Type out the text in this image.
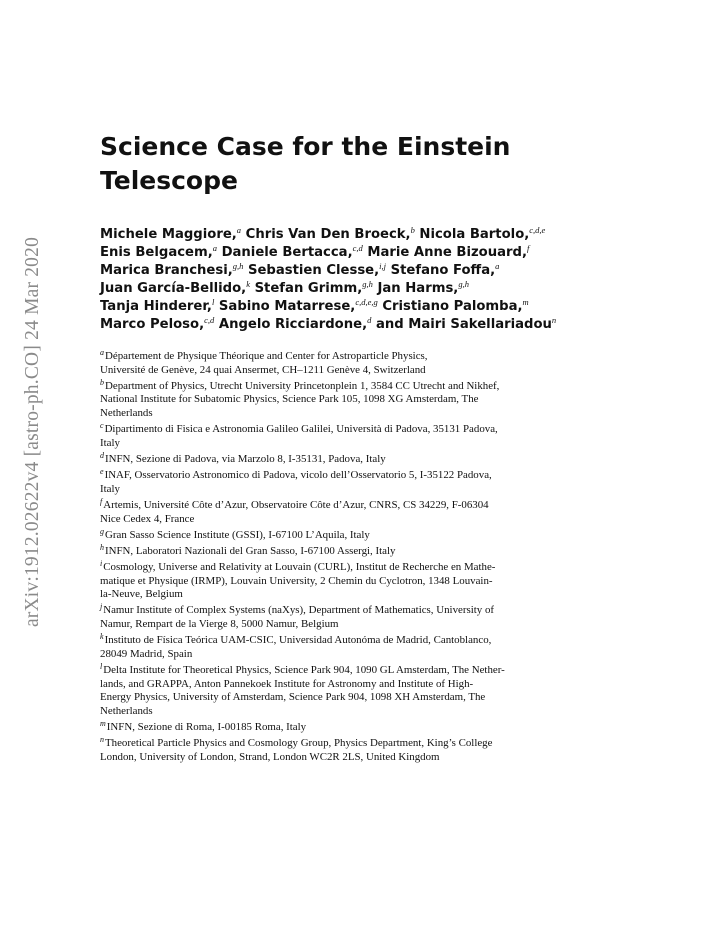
arXiv:1912.02622v4 [astro-ph.CO] 24 Mar 2020
Science Case for the Einstein Telescope
Michele Maggiore,$^a$ Chris Van Den Broeck,$^b$ Nicola Bartolo,$^{c,d,e}$
Enis Belgacem,$^a$ Daniele Bertacca,$^{c,d}$ Marie Anne Bizouard,$^f$
Marica Branchesi,$^{g,h}$ Sebastien Clesse,$^{i,j}$ Stefano Foffa,$^a$
Juan García-Bellido,$^k$ Stefan Grimm,$^{g,h}$ Jan Harms,$^{g,h}$
Tanja Hinderer,$^l$ Sabino Matarrese,$^{c,d,e,g}$ Cristiano Palomba,$^m$
Marco Peloso,$^{c,d}$ Angelo Ricciardone,$^d$ and Mairi Sakellariadou$^n$
$^a$Département de Physique Théorique and Center for Astroparticle Physics,
Université de Genève, 24 quai Ansermet, CH–1211 Genève 4, Switzerland
$^b$Department of Physics, Utrecht University Princetonplein 1, 3584 CC Utrecht and Nikhef,
National Institute for Subatomic Physics, Science Park 105, 1098 XG Amsterdam, The
Netherlands
$^c$Dipartimento di Fisica e Astronomia Galileo Galilei, Università di Padova, 35131 Padova,
Italy
$^d$INFN, Sezione di Padova, via Marzolo 8, I-35131, Padova, Italy
$^e$INAF, Osservatorio Astronomico di Padova, vicolo dell’Osservatorio 5, I-35122 Padova,
Italy
$^f$Artemis, Université Côte d’Azur, Observatoire Côte d’Azur, CNRS, CS 34229, F-06304
Nice Cedex 4, France
$^g$Gran Sasso Science Institute (GSSI), I-67100 L’Aquila, Italy
$^h$INFN, Laboratori Nazionali del Gran Sasso, I-67100 Assergi, Italy
$^i$Cosmology, Universe and Relativity at Louvain (CURL), Institut de Recherche en Mathe-
matique et Physique (IRMP), Louvain University, 2 Chemin du Cyclotron, 1348 Louvain-
la-Neuve, Belgium
$^j$Namur Institute of Complex Systems (naXys), Department of Mathematics, University of
Namur, Rempart de la Vierge 8, 5000 Namur, Belgium
$^k$Instituto de Física Teórica UAM-CSIC, Universidad Autonóma de Madrid, Cantoblanco,
28049 Madrid, Spain
$^l$Delta Institute for Theoretical Physics, Science Park 904, 1090 GL Amsterdam, The Nether-
lands, and GRAPPA, Anton Pannekoek Institute for Astronomy and Institute of High-
Energy Physics, University of Amsterdam, Science Park 904, 1098 XH Amsterdam, The
Netherlands
$^m$INFN, Sezione di Roma, I-00185 Roma, Italy
$^n$Theoretical Particle Physics and Cosmology Group, Physics Department, King’s College
London, University of London, Strand, London WC2R 2LS, United Kingdom
